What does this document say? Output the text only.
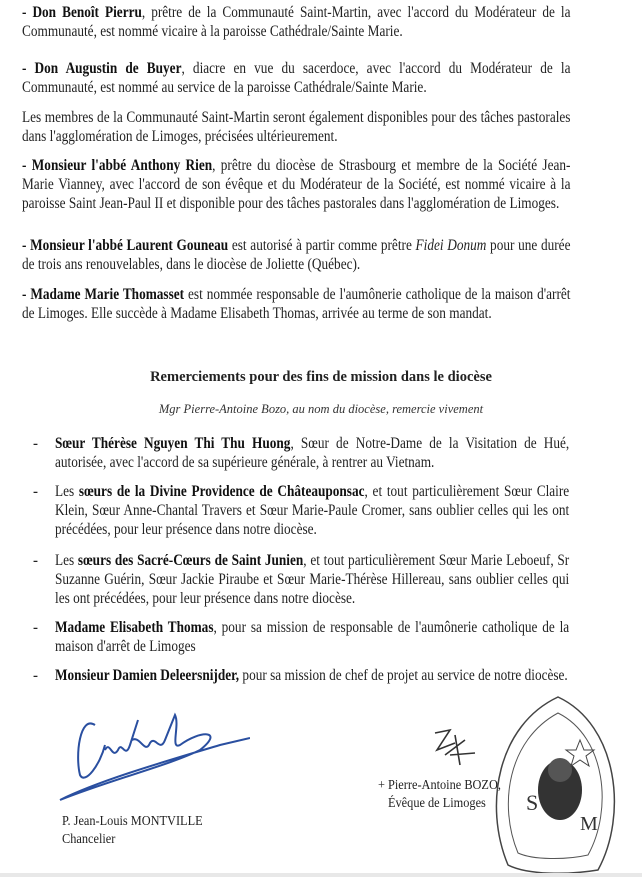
- Don Benoît Pierru, prêtre de la Communauté Saint-Martin, avec l'accord du Modérateur de la Communauté, est nommé vicaire à la paroisse Cathédrale/Sainte Marie.
- Don Augustin de Buyer, diacre en vue du sacerdoce, avec l'accord du Modérateur de la Communauté, est nommé au service de la paroisse Cathédrale/Sainte Marie.
Les membres de la Communauté Saint-Martin seront également disponibles pour des tâches pastorales dans l'agglomération de Limoges, précisées ultérieurement.
- Monsieur l'abbé Anthony Rien, prêtre du diocèse de Strasbourg et membre de la Société Jean-Marie Vianney, avec l'accord de son évêque et du Modérateur de la Société, est nommé vicaire à la paroisse Saint Jean-Paul II et disponible pour des tâches pastorales dans l'agglomération de Limoges.
- Monsieur l'abbé Laurent Gouneau est autorisé à partir comme prêtre Fidei Donum pour une durée de trois ans renouvelables, dans le diocèse de Joliette (Québec).
- Madame Marie Thomasset est nommée responsable de l'aumônerie catholique de la maison d'arrêt de Limoges. Elle succède à Madame Elisabeth Thomas, arrivée au terme de son mandat.
Remerciements pour des fins de mission dans le diocèse
Mgr Pierre-Antoine Bozo, au nom du diocèse, remercie vivement
- Sœur Thérèse Nguyen Thi Thu Huong, Sœur de Notre-Dame de la Visitation de Hué, autorisée, avec l'accord de sa supérieure générale, à rentrer au Vietnam.
- Les sœurs de la Divine Providence de Châteauponsac, et tout particulièrement Sœur Claire Klein, Sœur Anne-Chantal Travers et Sœur Marie-Paule Cromer, sans oublier celles qui les ont précédées, pour leur présence dans notre diocèse.
- Les sœurs des Sacré-Cœurs de Saint Junien, et tout particulièrement Sœur Marie Leboeuf, Sr Suzanne Guérin, Sœur Jackie Piraube et Sœur Marie-Thérèse Hillereau, sans oublier celles qui les ont précédées, pour leur présence dans notre diocèse.
- Madame Elisabeth Thomas, pour sa mission de responsable de l'aumônerie catholique de la maison d'arrêt de Limoges
- Monsieur Damien Deleersnijder, pour sa mission de chef de projet au service de notre diocèse.
P. Jean-Louis MONTVILLE
Chancelier
+ Pierre-Antoine BOZO,
Évêque de Limoges S
M
